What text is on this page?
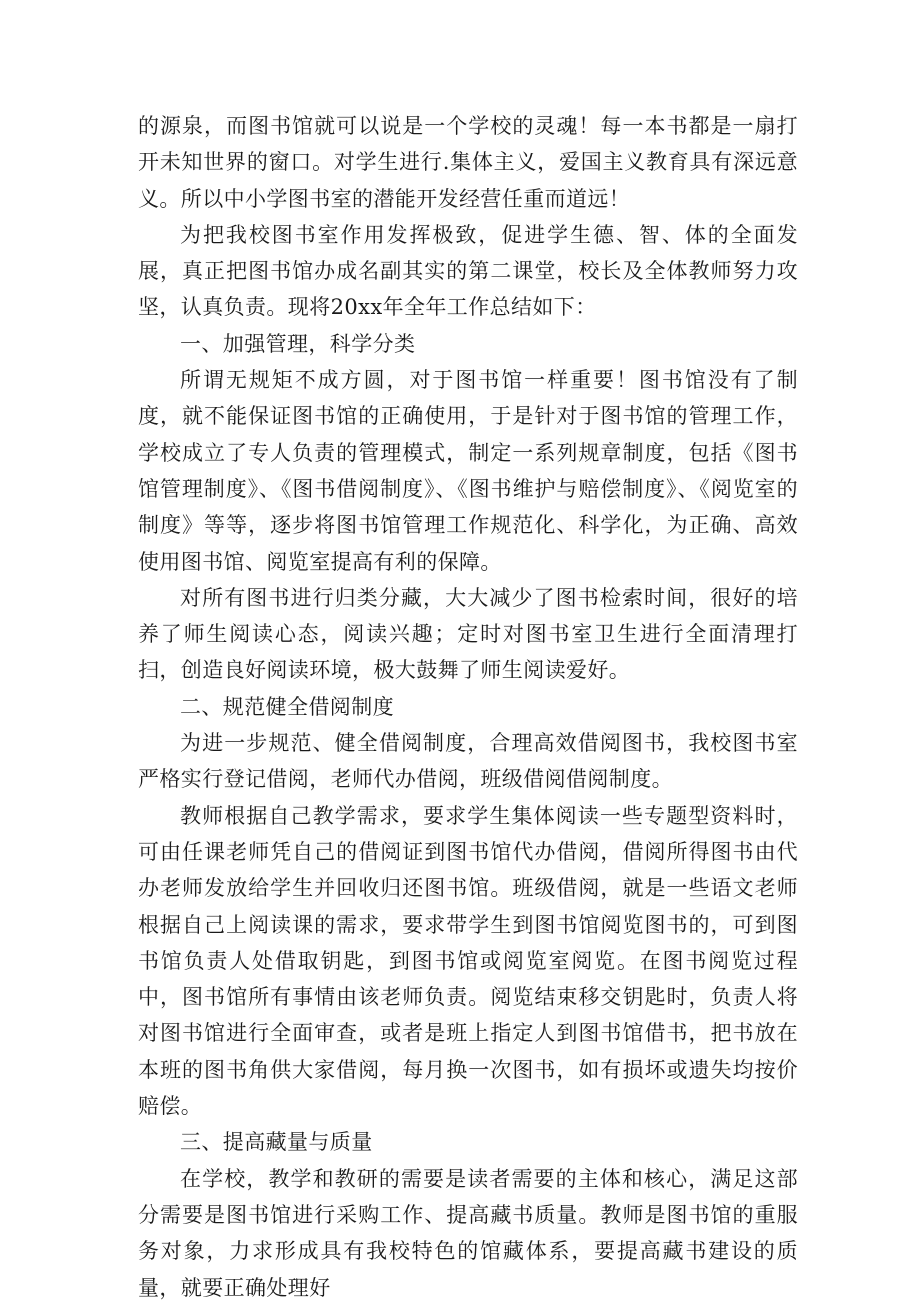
的源泉，而图书馆就可以说是一个学校的灵魂！每一本书都是一扇打开未知世界的窗口。对学生进行.集体主义，爱国主义教育具有深远意义。所以中小学图书室的潜能开发经营任重而道远！

为把我校图书室作用发挥极致，促进学生德、智、体的全面发展，真正把图书馆办成名副其实的第二课堂，校长及全体教师努力攻坚，认真负责。现将20xx年全年工作总结如下：

一、加强管理，科学分类

所谓无规矩不成方圆，对于图书馆一样重要！图书馆没有了制度，就不能保证图书馆的正确使用，于是针对于图书馆的管理工作，学校成立了专人负责的管理模式，制定一系列规章制度，包括《图书馆管理制度》、《图书借阅制度》、《图书维护与赔偿制度》、《阅览室的制度》等等，逐步将图书馆管理工作规范化、科学化，为正确、高效使用图书馆、阅览室提高有利的保障。

对所有图书进行归类分藏，大大减少了图书检索时间，很好的培养了师生阅读心态，阅读兴趣；定时对图书室卫生进行全面清理打扫，创造良好阅读环境，极大鼓舞了师生阅读爱好。

二、规范健全借阅制度

为进一步规范、健全借阅制度，合理高效借阅图书，我校图书室严格实行登记借阅，老师代办借阅，班级借阅借阅制度。

教师根据自己教学需求，要求学生集体阅读一些专题型资料时，可由任课老师凭自己的借阅证到图书馆代办借阅，借阅所得图书由代办老师发放给学生并回收归还图书馆。班级借阅，就是一些语文老师根据自己上阅读课的需求，要求带学生到图书馆阅览图书的，可到图书馆负责人处借取钥匙，到图书馆或阅览室阅览。在图书阅览过程中，图书馆所有事情由该老师负责。阅览结束移交钥匙时，负责人将对图书馆进行全面审查，或者是班上指定人到图书馆借书，把书放在本班的图书角供大家借阅，每月换一次图书，如有损坏或遗失均按价赔偿。

三、提高藏量与质量

在学校，教学和教研的需要是读者需要的主体和核心，满足这部分需要是图书馆进行采购工作、提高藏书质量。教师是图书馆的重服务对象，力求形成具有我校特色的馆藏体系，要提高藏书建设的质量，就要正确处理好
